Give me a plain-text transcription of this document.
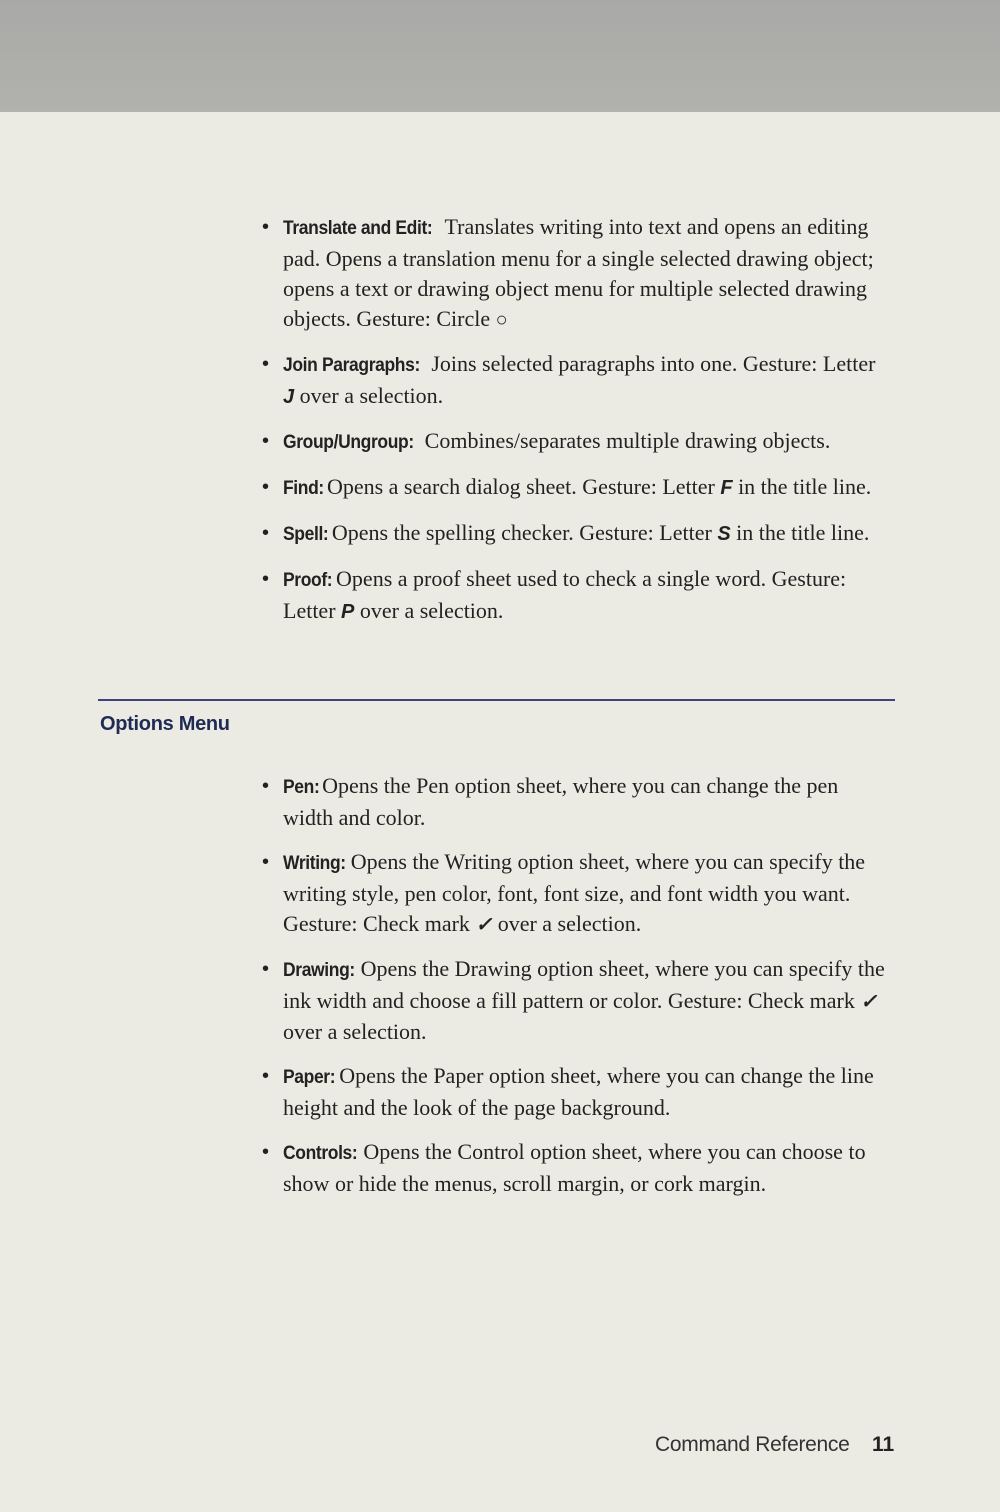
• Translate and Edit: Translates writing into text and opens an editing pad. Opens a translation menu for a single selected drawing object; opens a text or drawing object menu for multiple selected drawing objects. Gesture: Circle ○
• Join Paragraphs: Joins selected paragraphs into one. Gesture: Letter J over a selection.
• Group/Ungroup: Combines/separates multiple drawing objects.
• Find: Opens a search dialog sheet. Gesture: Letter F in the title line.
• Spell: Opens the spelling checker. Gesture: Letter S in the title line.
• Proof: Opens a proof sheet used to check a single word. Gesture: Letter P over a selection.
Options Menu
• Pen: Opens the Pen option sheet, where you can change the pen width and color.
• Writing: Opens the Writing option sheet, where you can specify the writing style, pen color, font, font size, and font width you want. Gesture: Check mark ✓ over a selection.
• Drawing: Opens the Drawing option sheet, where you can specify the ink width and choose a fill pattern or color. Gesture: Check mark ✓ over a selection.
• Paper: Opens the Paper option sheet, where you can change the line height and the look of the page background.
• Controls: Opens the Control option sheet, where you can choose to show or hide the menus, scroll margin, or cork margin.
Command Reference 11
